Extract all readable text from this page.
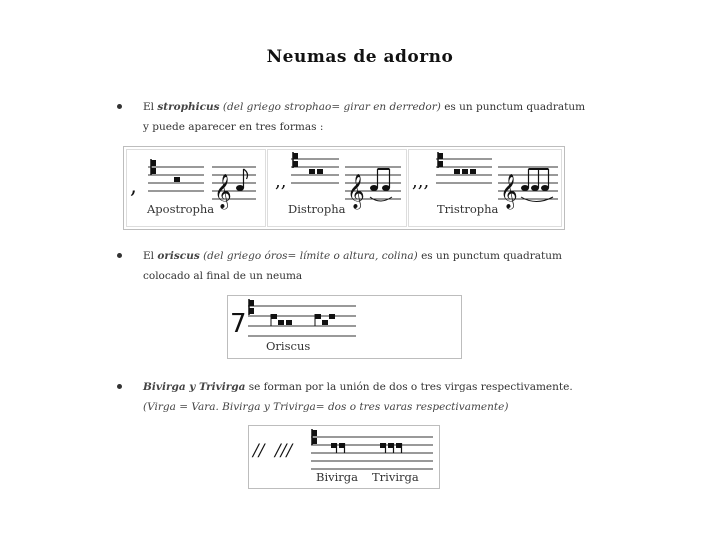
Neumas de adorno
El strophicus (del griego strophao= girar en derredor) es un punctum quadratum y puede aparecer en tres formas :
,	𝄞
Apostropha
,, 𝄞
Distropha
,,, 𝄞
Tristropha
El oriscus (del griego óros= límite o altura, colina) es un punctum quadratum colocado al final de un neuma
7
Oriscus
Bivirga y Trivirga se forman por la unión de dos o tres virgas respectivamente. (Virga = Vara. Bivirga y Trivirga= dos o tres varas respectivamente)
// ///
Bivirga Trivirga
